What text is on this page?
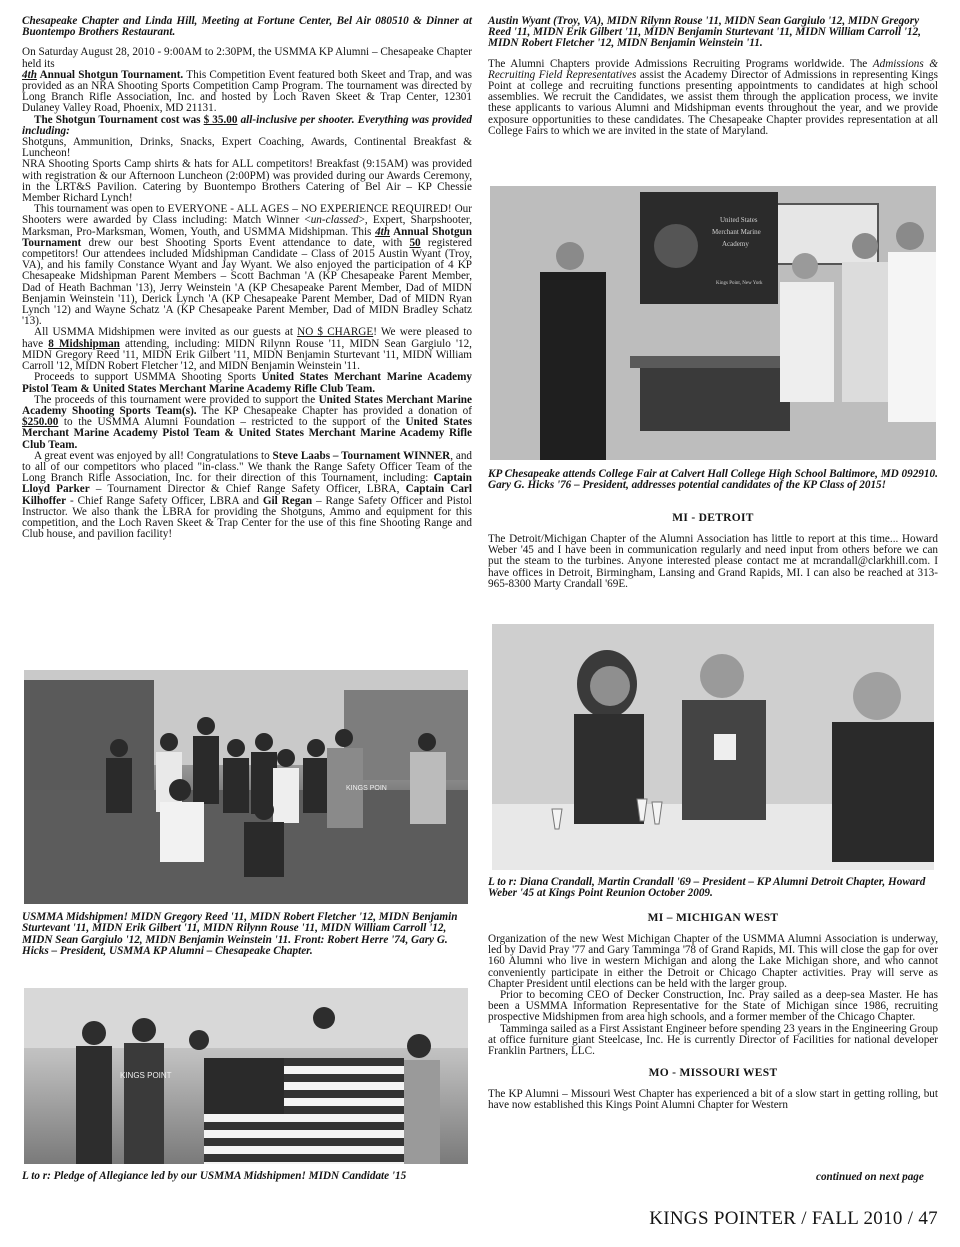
Chesapeake Chapter and Linda Hill, Meeting at Fortune Center, Bel Air 080510 & Dinner at Buontempo Brothers Restaurant.

On Saturday August 28, 2010 - 9:00AM to 2:30PM, the USMMA KP Alumni – Chesapeake Chapter held its
4th Annual Shotgun Tournament. This Competition Event featured both Skeet and Trap, and was provided as an NRA Shooting Sports Competition Camp Program. The tournament was directed by Long Branch Rifle Association, Inc. and hosted by Loch Raven Skeet & Trap Center, 12301 Dulaney Valley Road, Phoenix, MD 21131.

The Shotgun Tournament cost was $ 35.00 all-inclusive per shooter. Everything was provided including:

Shotguns, Ammunition, Drinks, Snacks, Expert Coaching, Awards, Continental Breakfast & Luncheon!

NRA Shooting Sports Camp shirts & hats for ALL competitors! Breakfast (9:15AM) was provided with registration & our Afternoon Luncheon (2:00PM) was provided during our Awards Ceremony, in the LRT&S Pavilion. Catering by Buontempo Brothers Catering of Bel Air – KP Chessie Member Richard Lynch!

This tournament was open to EVERYONE - ALL AGES – NO EXPERIENCE REQUIRED! Our Shooters were awarded by Class including: Match Winner <un-classed>, Expert, Sharpshooter, Marksman, Pro-Marksman, Women, Youth, and USMMA Midshipman. This 4th Annual Shotgun Tournament drew our best Shooting Sports Event attendance to date, with 50 registered competitors! Our attendees included Midshipman Candidate – Class of 2015 Austin Wyant (Troy, VA), and his family Constance Wyant and Jay Wyant. We also enjoyed the participation of 4 KP Chesapeake Midshipman Parent Members – Scott Bachman 'A (KP Chesapeake Parent Member, Dad of Heath Bachman '13), Jerry Weinstein 'A (KP Chesapeake Parent Member, Dad of MIDN Benjamin Weinstein '11), Derick Lynch 'A (KP Chesapeake Parent Member, Dad of MIDN Ryan Lynch '12) and Wayne Schatz 'A (KP Chesapeake Parent Member, Dad of MIDN Bradley Schatz '13).

All USMMA Midshipmen were invited as our guests at NO $ CHARGE! We were pleased to have 8 Midshipman attending, including: MIDN Rilynn Rouse '11, MIDN Sean Gargiulo '12, MIDN Gregory Reed '11, MIDN Erik Gilbert '11, MIDN Benjamin Sturtevant '11, MIDN William Carroll '12, MIDN Robert Fletcher '12, and MIDN Benjamin Weinstein '11.

Proceeds to support USMMA Shooting Sports United States Merchant Marine Academy Pistol Team & United States Merchant Marine Academy Rifle Club Team.

The proceeds of this tournament were provided to support the United States Merchant Marine Academy Shooting Sports Team(s). The KP Chesapeake Chapter has provided a donation of $250.00 to the USMMA Alumni Foundation – restricted to the support of the United States Merchant Marine Academy Pistol Team & United States Merchant Marine Academy Rifle Club Team.

A great event was enjoyed by all! Congratulations to Steve Laabs – Tournament WINNER, and to all of our competitors who placed "in-class." We thank the Range Safety Officer Team of the Long Branch Rifle Association, Inc. for their direction of this Tournament, including: Captain Lloyd Parker – Tournament Director & Chief Range Safety Officer, LBRA, Captain Carl Kilhoffer - Chief Range Safety Officer, LBRA and Gil Regan – Range Safety Officer and Pistol Instructor. We also thank the LBRA for providing the Shotguns, Ammo and equipment for this competition, and the Loch Raven Skeet & Trap Center for the use of this fine Shooting Range and Club house, and pavilion facility!

KINGS POIN

USMMA Midshipmen! MIDN Gregory Reed '11, MIDN Robert Fletcher '12, MIDN Benjamin Sturtevant '11, MIDN Erik Gilbert '11, MIDN Rilynn Rouse '11, MIDN William Carroll '12, MIDN Sean Gargiulo '12, MIDN Benjamin Weinstein '11. Front: Robert Herre '74, Gary G. Hicks – President, USMMA KP Alumni – Chesapeake Chapter.

KINGS POINT

L to r: Pledge of Allegiance led by our USMMA Midshipmen! MIDN Candidate '15

Austin Wyant (Troy, VA), MIDN Rilynn Rouse '11, MIDN Sean Gargiulo '12, MIDN Gregory Reed '11, MIDN Erik Gilbert '11, MIDN Benjamin Sturtevant '11, MIDN William Carroll '12, MIDN Robert Fletcher '12, MIDN Benjamin Weinstein '11.

The Alumni Chapters provide Admissions Recruiting Programs worldwide. The Admissions & Recruiting Field Representatives assist the Academy Director of Admissions in representing Kings Point at college and recruiting functions presenting appointments to candidates at high school assemblies. We recruit the Candidates, we assist them through the application process, we invite these applicants to various Alumni and Midshipman events throughout the year, and we provide exposure opportunities to these candidates. The Chesapeake Chapter provides representation at all College Fairs to which we are invited in the state of Maryland.

United States
Merchant Marine
Academy
Kings Point, New York

KP Chesapeake attends College Fair at Calvert Hall College High School Baltimore, MD 092910. Gary G. Hicks '76 – President, addresses potential candidates of the KP Class of 2015!

MI - DETROIT

The Detroit/Michigan Chapter of the Alumni Association has little to report at this time... Howard Weber '45 and I have been in communication regularly and need input from others before we can put the steam to the turbines. Anyone interested please contact me at mcrandall@clarkhill.com. I have offices in Detroit, Birmingham, Lansing and Grand Rapids, MI. I can also be reached at 313-965-8300 Marty Crandall '69E.

L to r: Diana Crandall, Martin Crandall '69 – President – KP Alumni Detroit Chapter, Howard Weber '45 at Kings Point Reunion October 2009.

MI – MICHIGAN WEST

Organization of the new West Michigan Chapter of the USMMA Alumni Association is underway, led by David Pray '77 and Gary Tamminga '78 of Grand Rapids, MI. This will close the gap for over 160 Alumni who live in western Michigan and along the Lake Michigan shore, and who cannot conveniently participate in either the Detroit or Chicago Chapter activities. Pray will serve as Chapter President until elections can be held with the larger group.

Prior to becoming CEO of Decker Construction, Inc. Pray sailed as a deep-sea Master. He has been a USMMA Information Representative for the State of Michigan since 1986, recruiting prospective Midshipmen from area high schools, and a former member of the Chicago Chapter.

Tamminga sailed as a First Assistant Engineer before spending 23 years in the Engineering Group at office furniture giant Steelcase, Inc. He is currently Director of Facilities for national developer Franklin Partners, LLC.

MO - MISSOURI WEST

The KP Alumni – Missouri West Chapter has experienced a bit of a slow start in getting rolling, but have now established this Kings Point Alumni Chapter for Western

continued on next page
KINGS POINTER / FALL 2010 / 47
